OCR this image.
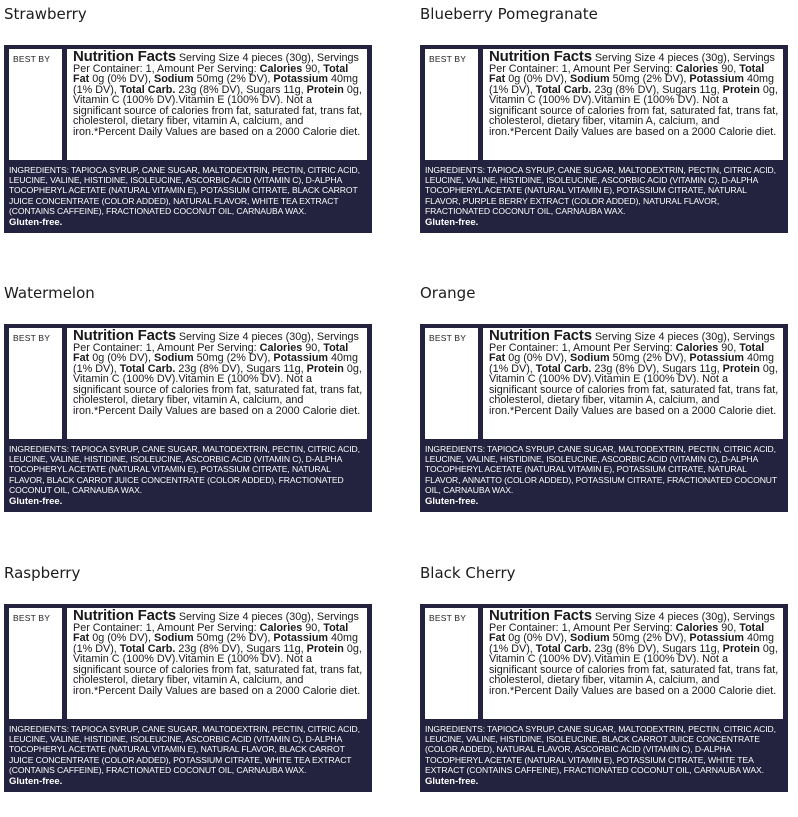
Strawberry
BEST BY	Nutrition Facts Serving Size 4 pieces (30g), Servings Per Container: 1, Amount Per Serving: Calories 90, Total Fat 0g (0% DV), Sodium 50mg (2% DV), Potassium 40mg (1% DV), Total Carb. 23g (8% DV), Sugars 11g, Protein 0g, Vitamin C (100% DV).Vitamin E (100% DV). Not a significant source of calories from fat, saturated fat, trans fat, cholesterol, dietary fiber, vitamin A, calcium, and iron.*Percent Daily Values are based on a 2000 Calorie diet.
INGREDIENTS: TAPIOCA SYRUP, CANE SUGAR, MALTODEXTRIN, PECTIN, CITRIC ACID, LEUCINE, VALINE, HISTIDINE, ISOLEUCINE, ASCORBIC ACID (VITAMIN C), D-ALPHA TOCOPHERYL ACETATE (NATURAL VITAMIN E), POTASSIUM CITRATE, BLACK CARROT JUICE CONCENTRATE (COLOR ADDED), NATURAL FLAVOR, WHITE TEA EXTRACT (CONTAINS CAFFEINE), FRACTIONATED COCONUT OIL, CARNAUBA WAX.
Gluten-free.
Blueberry Pomegranate
BEST BY	Nutrition Facts Serving Size 4 pieces (30g), Servings Per Container: 1, Amount Per Serving: Calories 90, Total Fat 0g (0% DV), Sodium 50mg (2% DV), Potassium 40mg (1% DV), Total Carb. 23g (8% DV), Sugars 11g, Protein 0g, Vitamin C (100% DV).Vitamin E (100% DV). Not a significant source of calories from fat, saturated fat, trans fat, cholesterol, dietary fiber, vitamin A, calcium, and iron.*Percent Daily Values are based on a 2000 Calorie diet.
INGREDIENTS: TAPIOCA SYRUP, CANE SUGAR, MALTODEXTRIN, PECTIN, CITRIC ACID, LEUCINE, VALINE, HISTIDINE, ISOLEUCINE, ASCORBIC ACID (VITAMIN C), D-ALPHA TOCOPHERYL ACETATE (NATURAL VITAMIN E), POTASSIUM CITRATE, NATURAL FLAVOR, PURPLE BERRY EXTRACT (COLOR ADDED), NATURAL FLAVOR, FRACTIONATED COCONUT OIL, CARNAUBA WAX.
Gluten-free.
Watermelon
BEST BY	Nutrition Facts Serving Size 4 pieces (30g), Servings Per Container: 1, Amount Per Serving: Calories 90, Total Fat 0g (0% DV), Sodium 50mg (2% DV), Potassium 40mg (1% DV), Total Carb. 23g (8% DV), Sugars 11g, Protein 0g, Vitamin C (100% DV).Vitamin E (100% DV). Not a significant source of calories from fat, saturated fat, trans fat, cholesterol, dietary fiber, vitamin A, calcium, and iron.*Percent Daily Values are based on a 2000 Calorie diet.
INGREDIENTS: TAPIOCA SYRUP, CANE SUGAR, MALTODEXTRIN, PECTIN, CITRIC ACID, LEUCINE, VALINE, HISTIDINE, ISOLEUCINE, ASCORBIC ACID (VITAMIN C), D-ALPHA TOCOPHERYL ACETATE (NATURAL VITAMIN E), POTASSIUM CITRATE, NATURAL FLAVOR, BLACK CARROT JUICE CONCENTRATE (COLOR ADDED), FRACTIONATED COCONUT OIL, CARNAUBA WAX.
Gluten-free.
Orange
BEST BY	Nutrition Facts Serving Size 4 pieces (30g), Servings Per Container: 1, Amount Per Serving: Calories 90, Total Fat 0g (0% DV), Sodium 50mg (2% DV), Potassium 40mg (1% DV), Total Carb. 23g (8% DV), Sugars 11g, Protein 0g, Vitamin C (100% DV).Vitamin E (100% DV). Not a significant source of calories from fat, saturated fat, trans fat, cholesterol, dietary fiber, vitamin A, calcium, and iron.*Percent Daily Values are based on a 2000 Calorie diet.
INGREDIENTS: TAPIOCA SYRUP, CANE SUGAR, MALTODEXTRIN, PECTIN, CITRIC ACID, LEUCINE, VALINE, HISTIDINE, ISOLEUCINE, ASCORBIC ACID (VITAMIN C), D-ALPHA TOCOPHERYL ACETATE (NATURAL VITAMIN E), POTASSIUM CITRATE, NATURAL FLAVOR, ANNATTO (COLOR ADDED), POTASSIUM CITRATE, FRACTIONATED COCONUT OIL, CARNAUBA WAX.
Gluten-free.
Raspberry
BEST BY	Nutrition Facts Serving Size 4 pieces (30g), Servings Per Container: 1, Amount Per Serving: Calories 90, Total Fat 0g (0% DV), Sodium 50mg (2% DV), Potassium 40mg (1% DV), Total Carb. 23g (8% DV), Sugars 11g, Protein 0g, Vitamin C (100% DV).Vitamin E (100% DV). Not a significant source of calories from fat, saturated fat, trans fat, cholesterol, dietary fiber, vitamin A, calcium, and iron.*Percent Daily Values are based on a 2000 Calorie diet.
INGREDIENTS: TAPIOCA SYRUP, CANE SUGAR, MALTODEXTRIN, PECTIN, CITRIC ACID, LEUCINE, VALINE, HISTIDINE, ISOLEUCINE, ASCORBIC ACID (VITAMIN C), D-ALPHA TOCOPHERYL ACETATE (NATURAL VITAMIN E), NATURAL FLAVOR, BLACK CARROT JUICE CONCENTRATE (COLOR ADDED), POTASSIUM CITRATE, WHITE TEA EXTRACT (CONTAINS CAFFEINE), FRACTIONATED COCONUT OIL, CARNAUBA WAX.
Gluten-free.
Black Cherry
BEST BY	Nutrition Facts Serving Size 4 pieces (30g), Servings Per Container: 1, Amount Per Serving: Calories 90, Total Fat 0g (0% DV), Sodium 50mg (2% DV), Potassium 40mg (1% DV), Total Carb. 23g (8% DV), Sugars 11g, Protein 0g, Vitamin C (100% DV).Vitamin E (100% DV). Not a significant source of calories from fat, saturated fat, trans fat, cholesterol, dietary fiber, vitamin A, calcium, and iron.*Percent Daily Values are based on a 2000 Calorie diet.
INGREDIENTS: TAPIOCA SYRUP, CANE SUGAR, MALTODEXTRIN, PECTIN, CITRIC ACID, LEUCINE, VALINE, HISTIDINE, ISOLEUCINE, BLACK CARROT JUICE CONCENTRATE (COLOR ADDED), NATURAL FLAVOR, ASCORBIC ACID (VITAMIN C), D-ALPHA TOCOPHERYL ACETATE (NATURAL VITAMIN E), POTASSIUM CITRATE, WHITE TEA EXTRACT (CONTAINS CAFFEINE), FRACTIONATED COCONUT OIL, CARNAUBA WAX.
Gluten-free.
